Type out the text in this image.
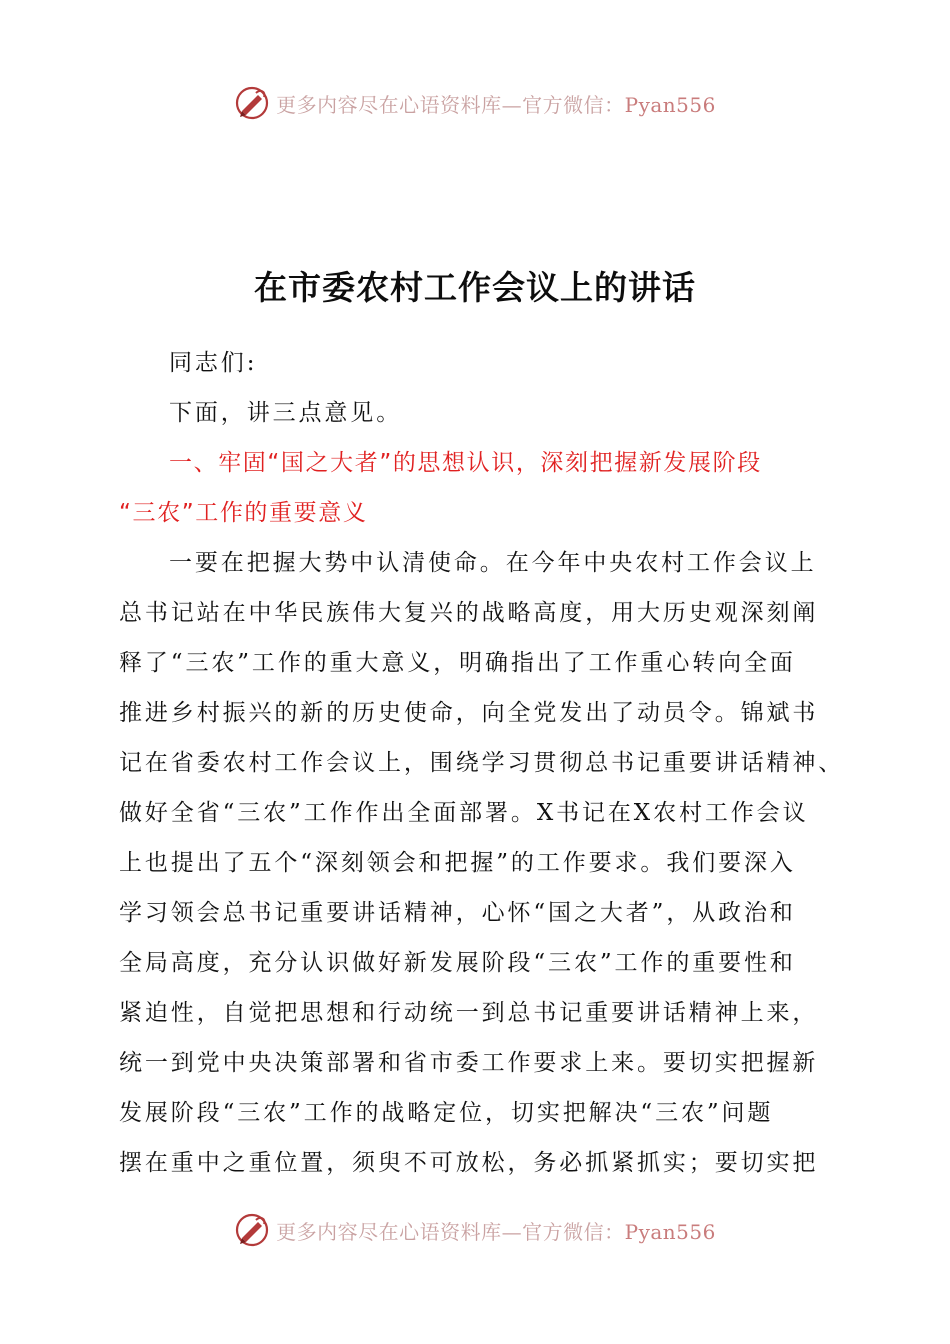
更多内容尽在心语资料库—官方微信：Pyan556
在市委农村工作会议上的讲话
同志们:
下面，讲三点意见。
一、牢固“国之大者”的思想认识，深刻把握新发展阶段
“三农”工作的重要意义
一要在把握大势中认清使命。在今年中央农村工作会议上
总书记站在中华民族伟大复兴的战略高度，用大历史观深刻阐
释了“三农”工作的重大意义，明确指出了工作重心转向全面
推进乡村振兴的新的历史使命，向全党发出了动员令。锦斌书
记在省委农村工作会议上，围绕学习贯彻总书记重要讲话精神、
做好全省“三农”工作作出全面部署。X书记在X农村工作会议
上也提出了五个“深刻领会和把握”的工作要求。我们要深入
学习领会总书记重要讲话精神，心怀“国之大者”，从政治和
全局高度，充分认识做好新发展阶段“三农”工作的重要性和
紧迫性，自觉把思想和行动统一到总书记重要讲话精神上来，
统一到党中央决策部署和省市委工作要求上来。要切实把握新
发展阶段“三农”工作的战略定位，切实把解决“三农”问题
摆在重中之重位置，须臾不可放松，务必抓紧抓实；要切实把
更多内容尽在心语资料库—官方微信：Pyan556
